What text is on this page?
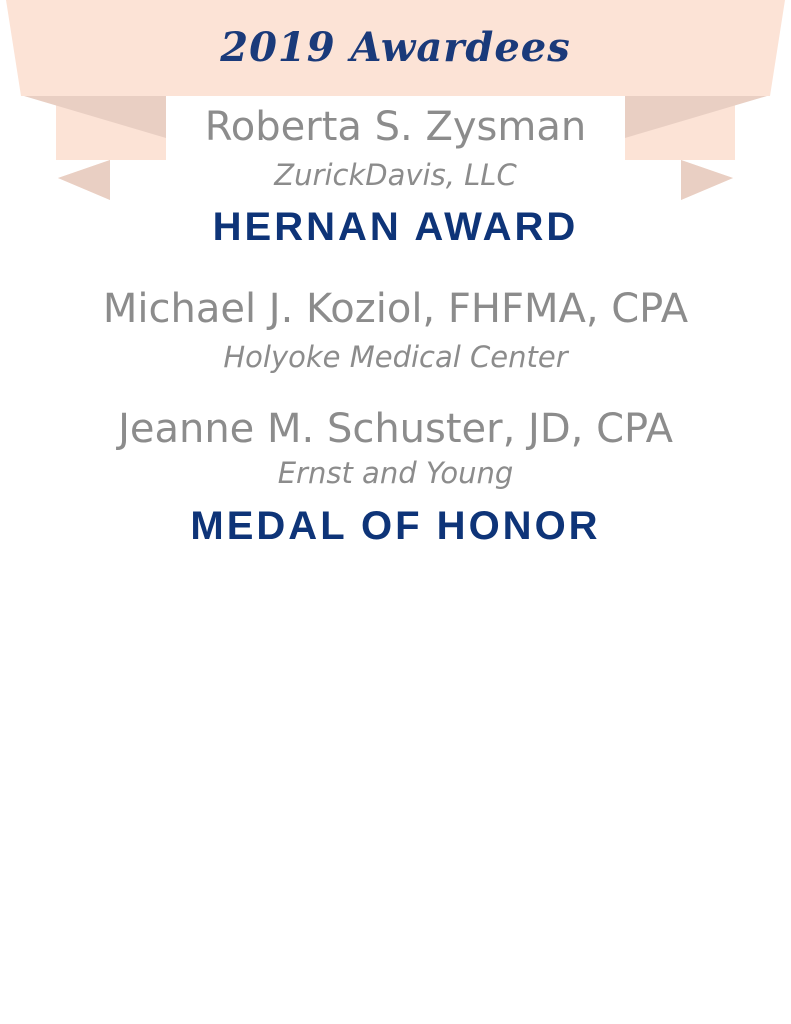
2019 Awardees
Roberta S. Zysman
ZurickDavis, LLC
HERNAN AWARD
Michael J. Koziol, FHFMA, CPA
Holyoke Medical Center
Jeanne M. Schuster, JD, CPA
Ernst and Young
MEDAL OF HONOR
